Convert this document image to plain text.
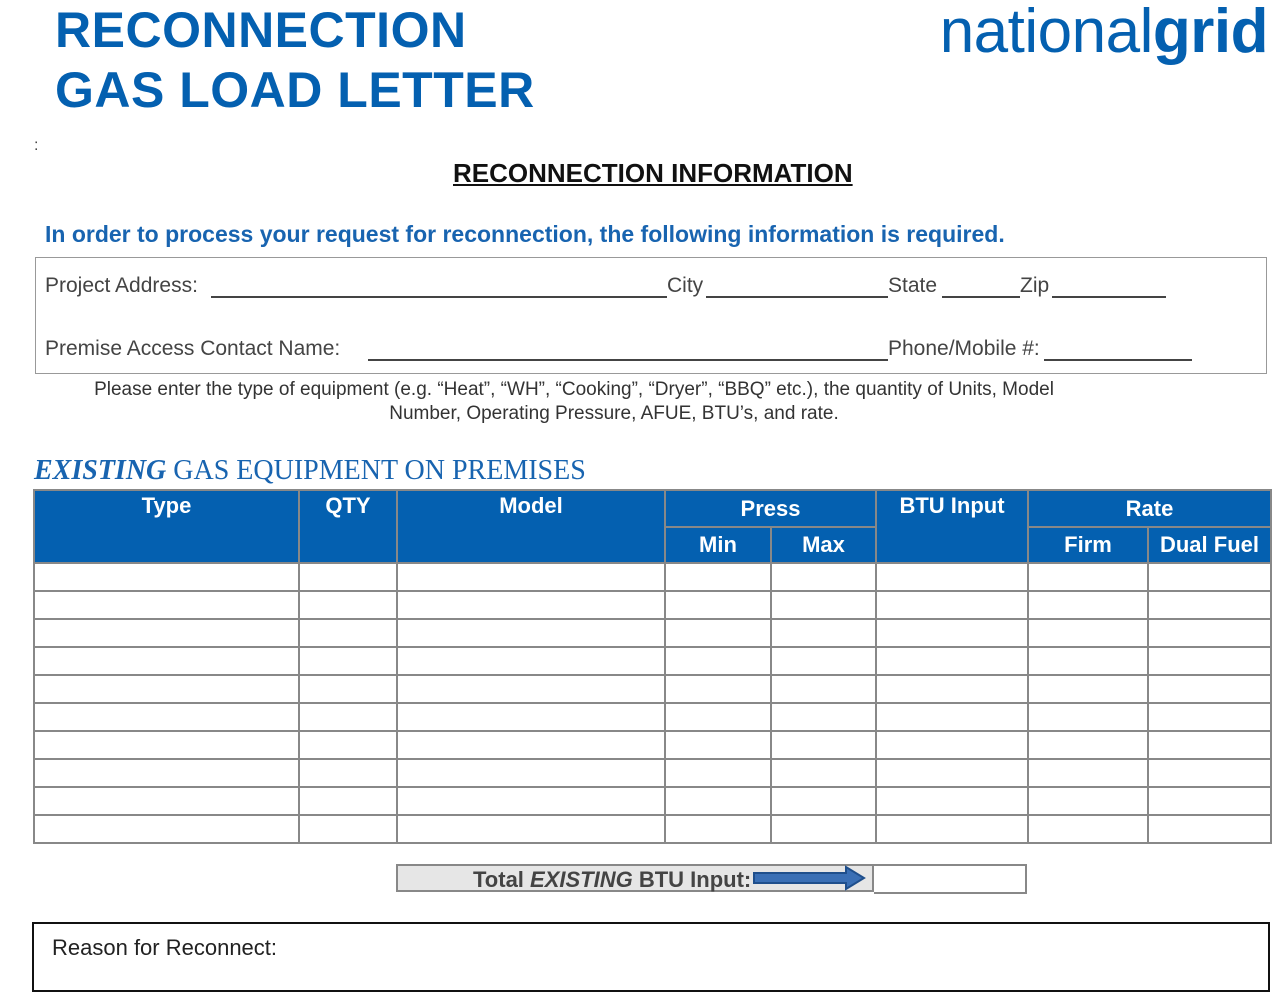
RECONNECTION
GAS LOAD LETTER
nationalgrid
:
RECONNECTION INFORMATION
In order to process your request for reconnection, the following information is required.
Project Address:	City	State	Zip
Premise Access Contact Name:	Phone/Mobile #:
Please enter the type of equipment (e.g. “Heat”, “WH”, “Cooking”, “Dryer”, “BBQ” etc.), the quantity of Units, Model
Number, Operating Pressure, AFUE, BTU’s, and rate.
EXISTING GAS EQUIPMENT ON PREMISES
Type	QTY	Model	Press		BTU Input	Rate	
			Min	Max		Firm	Dual Fuel

Total EXISTING BTU Input:
Reason for Reconnect:
